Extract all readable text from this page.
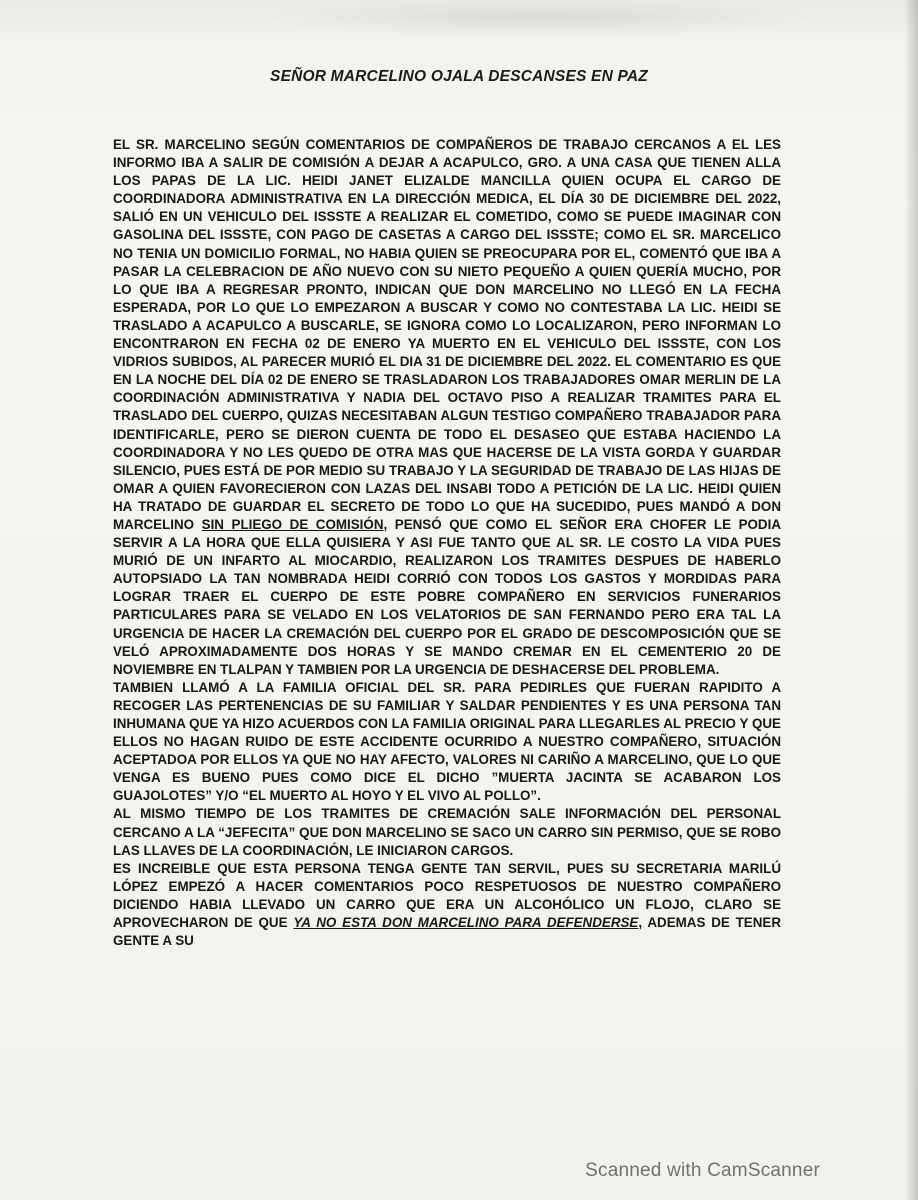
SEÑOR MARCELINO OJALA DESCANSES EN PAZ

EL SR. MARCELINO SEGÚN COMENTARIOS DE COMPAÑEROS DE TRABAJO CERCANOS A EL LES INFORMO IBA A SALIR DE COMISIÓN A DEJAR A ACAPULCO, GRO. A UNA CASA QUE TIENEN ALLA LOS PAPAS DE LA LIC. HEIDI JANET ELIZALDE MANCILLA QUIEN OCUPA EL CARGO DE COORDINADORA ADMINISTRATIVA EN LA DIRECCIÓN MEDICA, EL DÍA 30 DE DICIEMBRE DEL 2022, SALIÓ EN UN VEHICULO DEL ISSSTE A REALIZAR EL COMETIDO, COMO SE PUEDE IMAGINAR CON GASOLINA DEL ISSSTE, CON PAGO DE CASETAS A CARGO DEL ISSSTE; COMO EL SR. MARCELICO NO TENIA UN DOMICILIO FORMAL, NO HABIA QUIEN SE PREOCUPARA POR EL, COMENTÓ QUE IBA A PASAR LA CELEBRACION DE AÑO NUEVO CON SU NIETO PEQUEÑO A QUIEN QUERÍA MUCHO, POR LO QUE IBA A REGRESAR PRONTO, INDICAN QUE DON MARCELINO NO LLEGÓ EN LA FECHA ESPERADA, POR LO QUE LO EMPEZARON A BUSCAR Y COMO NO CONTESTABA LA LIC. HEIDI SE TRASLADO A ACAPULCO A BUSCARLE, SE IGNORA COMO LO LOCALIZARON, PERO INFORMAN LO ENCONTRARON EN FECHA 02 DE ENERO YA MUERTO EN EL VEHICULO DEL ISSSTE, CON LOS VIDRIOS SUBIDOS, AL PARECER MURIÓ EL DIA 31 DE DICIEMBRE DEL 2022. EL COMENTARIO ES QUE EN LA NOCHE DEL DÍA 02 DE ENERO SE TRASLADARON LOS TRABAJADORES OMAR MERLIN DE LA COORDINACIÓN ADMINISTRATIVA Y NADIA DEL OCTAVO PISO A REALIZAR TRAMITES PARA EL TRASLADO DEL CUERPO, QUIZAS NECESITABAN ALGUN TESTIGO COMPAÑERO TRABAJADOR PARA IDENTIFICARLE, PERO SE DIERON CUENTA DE TODO EL DESASEO QUE ESTABA HACIENDO LA COORDINADORA Y NO LES QUEDO DE OTRA MAS QUE HACERSE DE LA VISTA GORDA Y GUARDAR SILENCIO, PUES ESTÁ DE POR MEDIO SU TRABAJO Y LA SEGURIDAD DE TRABAJO DE LAS HIJAS DE OMAR A QUIEN FAVORECIERON CON LAZAS DEL INSABI TODO A PETICIÓN DE LA LIC. HEIDI QUIEN HA TRATADO DE GUARDAR EL SECRETO DE TODO LO QUE HA SUCEDIDO, PUES MANDÓ A DON MARCELINO SIN PLIEGO DE COMISIÓN, PENSÓ QUE COMO EL SEÑOR ERA CHOFER LE PODIA SERVIR A LA HORA QUE ELLA QUISIERA Y ASI FUE TANTO QUE AL SR. LE COSTO LA VIDA PUES MURIÓ DE UN INFARTO AL MIOCARDIO, REALIZARON LOS TRAMITES DESPUES DE HABERLO AUTOPSIADO LA TAN NOMBRADA HEIDI CORRIÓ CON TODOS LOS GASTOS Y MORDIDAS PARA LOGRAR TRAER EL CUERPO DE ESTE POBRE COMPAÑERO EN SERVICIOS FUNERARIOS PARTICULARES PARA SE VELADO EN LOS VELATORIOS DE SAN FERNANDO PERO ERA TAL LA URGENCIA DE HACER LA CREMACIÓN DEL CUERPO POR EL GRADO DE DESCOMPOSICIÓN QUE SE VELÓ APROXIMADAMENTE DOS HORAS Y SE MANDO CREMAR EN EL CEMENTERIO 20 DE NOVIEMBRE EN TLALPAN Y TAMBIEN POR LA URGENCIA DE DESHACERSE DEL PROBLEMA.

TAMBIEN LLAMÓ A LA FAMILIA OFICIAL DEL SR. PARA PEDIRLES QUE FUERAN RAPIDITO A RECOGER LAS PERTENENCIAS DE SU FAMILIAR Y SALDAR PENDIENTES Y ES UNA PERSONA TAN INHUMANA QUE YA HIZO ACUERDOS CON LA FAMILIA ORIGINAL PARA LLEGARLES AL PRECIO Y QUE ELLOS NO HAGAN RUIDO DE ESTE ACCIDENTE OCURRIDO A NUESTRO COMPAÑERO, SITUACIÓN ACEPTADOA POR ELLOS YA QUE NO HAY AFECTO, VALORES NI CARIÑO A MARCELINO, QUE LO QUE VENGA ES BUENO PUES COMO DICE EL DICHO ”MUERTA JACINTA SE ACABARON LOS GUAJOLOTES” Y/O “EL MUERTO AL HOYO Y EL VIVO AL POLLO”.

AL MISMO TIEMPO DE LOS TRAMITES DE CREMACIÓN SALE INFORMACIÓN DEL PERSONAL CERCANO A LA “JEFECITA” QUE DON MARCELINO SE SACO UN CARRO SIN PERMISO, QUE SE ROBO LAS LLAVES DE LA COORDINACIÓN, LE INICIARON CARGOS.

ES INCREIBLE QUE ESTA PERSONA TENGA GENTE TAN SERVIL, PUES SU SECRETARIA MARILÚ LÓPEZ EMPEZÓ A HACER COMENTARIOS POCO RESPETUOSOS DE NUESTRO COMPAÑERO DICIENDO HABIA LLEVADO UN CARRO QUE ERA UN ALCOHÓLICO UN FLOJO, CLARO SE APROVECHARON DE QUE YA NO ESTA DON MARCELINO PARA DEFENDERSE, ADEMAS DE TENER GENTE A SU

Scanned with CamScanner
